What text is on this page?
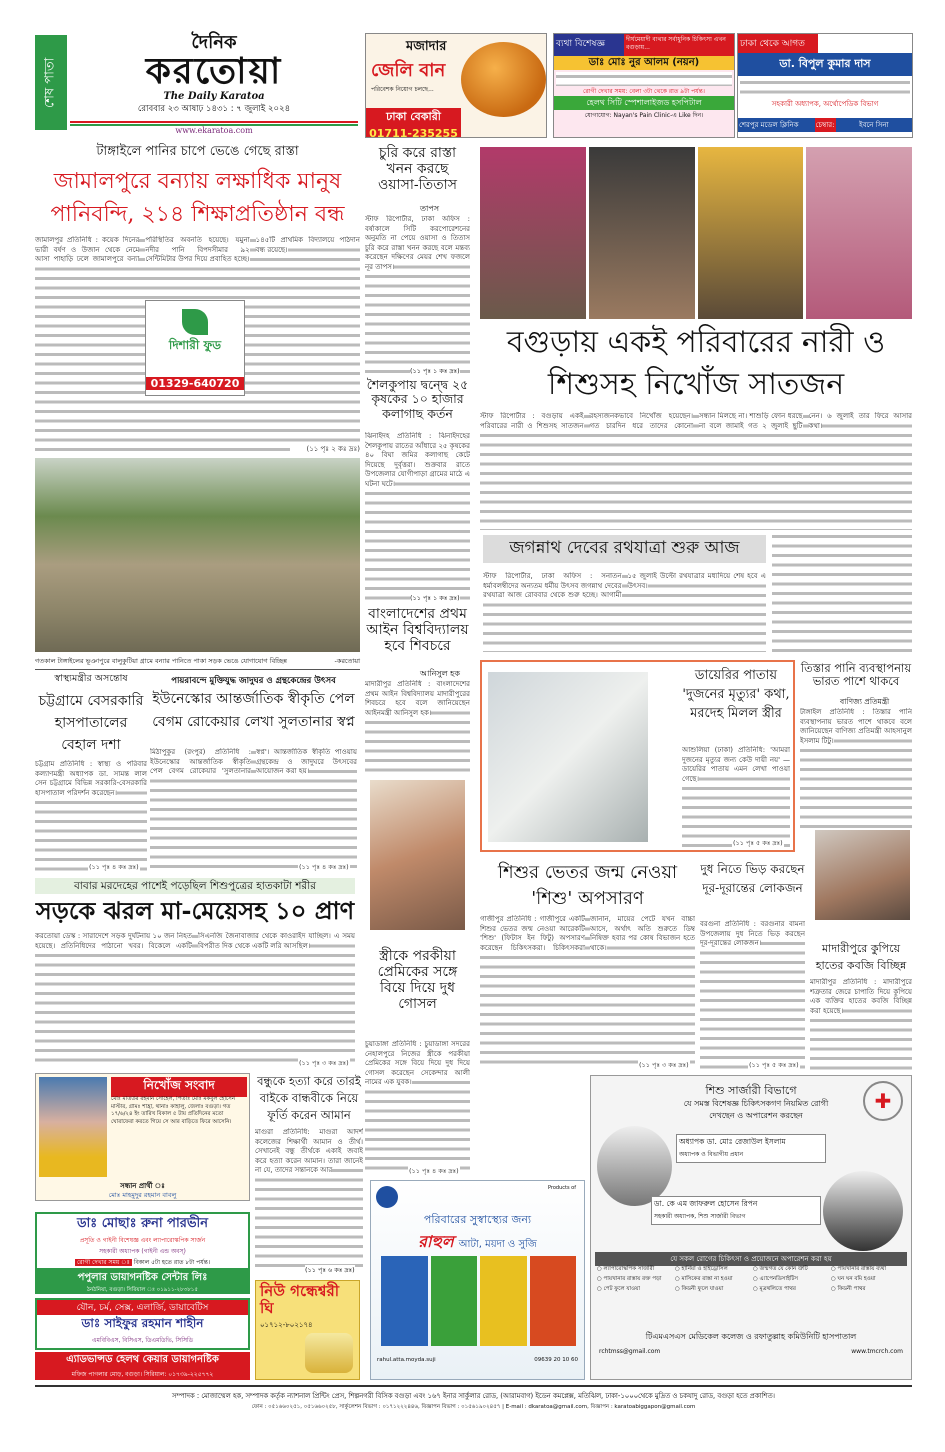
শেষ পাতা
দৈনিক
করতোয়া
The Daily Karatoa
রোববার ২৩ আষাঢ় ১৪৩১ : ৭ জুলাই ২০২৪
www.ekaratoa.com
মজাদার
জেলি বান
পরিবেশক নিয়োগ চলছে...
ঢাকা বেকারী
01711-235255
ব্যথা বিশেষজ্ঞ	দীর্ঘমেয়াদী ব্যথার সর্বাধুনিক চিকিৎসা এখন বগুড়ায়...
ডাঃ মোঃ নুর আলম (নয়ন)
রোগী দেখার সময়: বেলা ৩টা থেকে রাত ৯টা পর্যন্ত।
হেলথ সিটি স্পেশালাইজড হসপিটাল
যোগাযোগ: Nayan's Pain Clinic-এ Like দিন।
ঢাকা থেকে আগত
ডা. বিপুল কুমার দাস
সহকারী অধ্যাপক, অর্থোপেডিক বিভাগ
শেরপুর মডেল ক্লিনিক	চেম্বার:	ইবনে সিনা
টাঙ্গাইলে পানির চাপে ভেঙে গেছে রাস্তা
জামালপুরে বন্যায় লক্ষাধিক মানুষ পানিবন্দি, ২১৪ শিক্ষাপ্রতিষ্ঠান বন্ধ
জামালপুর প্রতিনিধি : কয়েক দিনের ভারী বর্ষণ ও উজান থেকে নেমে আসা পাহাড়ি ঢলে জামালপুরে বন্যা পরিস্থিতির অবনতি হয়েছে। যমুনা নদীর পানি বিপদসীমার ৯২ সেন্টিমিটার উপর দিয়ে প্রবাহিত হচ্ছে। ১৪৫টি প্রাথমিক বিদ্যালয়ে পাঠদান বন্ধ রয়েছে।
দিশারী ফুড
01329-640720
(১১ পৃঃ ২ কঃ দ্রঃ)
গতকাল টাঙ্গাইলের ভূঞাপুরে বালুকুটিয়া গ্রামে বন্যার পানিতে পাকা সড়ক ভেঙে যোগাযোগ বিচ্ছিন্ন	-করতোয়া
চুরি করে রাস্তা খনন করছে ওয়াসা-তিতাস
তাপস
স্টাফ রিপোর্টার, ঢাকা অফিস : বর্ষাকালে সিটি করপোরেশনের অনুমতি না পেয়ে ওয়াসা ও তিতাস চুরি করে রাস্তা খনন করছে বলে মন্তব্য করেছেন দক্ষিণের মেয়র শেখ ফজলে নূর তাপস।
(১১ পৃঃ ১ কঃ দ্রঃ)
শৈলকুপায় দ্বন্দ্বে ২৫ কৃষকের ১০ হাজার কলাগাছ কর্তন
ঝিনাইদহ প্রতিনিধি : ঝিনাইদহের শৈলকুপায় রাতের আঁধারে ২৫ কৃষকের ৪০ বিঘা জমির কলাগাছ কেটে দিয়েছে দুর্বৃত্তরা। শুক্রবার রাতে উপজেলার যোগীপাড়া গ্রামের মাঠে এ ঘটনা ঘটে।
(১১ পৃঃ ১ কঃ দ্রঃ)
বাংলাদেশের প্রথম আইন বিশ্ববিদ্যালয় হবে শিবচরে
আনিসুল হক
মাদারীপুর প্রতিনিধি : বাংলাদেশের প্রথম আইন বিশ্ববিদ্যালয় মাদারীপুরের শিবচরে হবে বলে জানিয়েছেন আইনমন্ত্রী আনিসুল হক।
স্ত্রীকে পরকীয়া প্রেমিকের সঙ্গে বিয়ে দিয়ে দুধ গোসল
চুয়াডাঙ্গা প্রতিনিধি : চুয়াডাঙ্গা সদরের নেহালপুরে নিজের স্ত্রীকে পরকীয়া প্রেমিকের সঙ্গে বিয়ে দিয়ে দুধ দিয়ে গোসল করেছেন সেকেন্দার আলী নামের এক যুবক।
(১১ পৃঃ ৪ কঃ দ্রঃ)
বগুড়ায় একই পরিবারের নারী ও শিশুসহ নিখোঁজ সাতজন
স্টাফ রিপোর্টার : বগুড়ায় একই পরিবারের নারী ও শিশুসহ সাতজন রহস্যজনকভাবে নিখোঁজ হয়েছেন। গত চারদিন ধরে তাদের কোনো সন্ধান মিলছে না। শাশুড়ি ফোন ধরছে না বলে জামাই গত ২ জুলাই ছুটি নেন। ৬ জুলাই তার ফিরে আসার কথা।
জগন্নাথ দেবের রথযাত্রা শুরু আজ
স্টাফ রিপোর্টার, ঢাকা অফিস : সনাতন ধর্মাবলম্বীদের অন্যতম ধর্মীয় উৎসব জগন্নাথ দেবের রথযাত্রা আজ রোববার থেকে শুরু হচ্ছে। আগামী ১৫ জুলাই উল্টো রথযাত্রার মধ্যদিয়ে শেষ হবে এ উৎসব।
স্বাস্থ্যমন্ত্রীর অসন্তোষ
চট্টগ্রামে বেসরকারি হাসপাতালের বেহাল দশা
চট্টগ্রাম প্রতিনিধি : স্বাস্থ্য ও পরিবার কল্যাণমন্ত্রী অধ্যাপক ডা. সামন্ত লাল সেন চট্টগ্রামে বিভিন্ন সরকারি-বেসরকারি হাসপাতাল পরিদর্শন করেছেন।
(১১ পৃঃ ৪ কঃ দ্রঃ)
পায়রাবন্দে মুক্তিযুদ্ধ জাদুঘর ও গ্রন্থকেন্দ্রের উৎসব
ইউনেস্কোর আন্তর্জাতিক স্বীকৃতি পেল বেগম রোকেয়ার লেখা সুলতানার স্বপ্ন
মিঠাপুকুর (রংপুর) প্রতিনিধি : ইউনেস্কোর আন্তর্জাতিক স্বীকৃতি পেল বেগম রোকেয়ার 'সুলতানার স্বপ্ন'। আন্তর্জাতিক স্বীকৃতি পাওয়ায় গ্রন্থকেন্দ্র ও জাদুঘরে উৎসবের আয়োজন করা হয়।
(১১ পৃঃ ৪ কঃ দ্রঃ)
বাবার মরদেহের পাশেই পড়েছিল শিশুপুত্রের হাতকাটা শরীর
সড়কে ঝরল মা-মেয়েসহ ১০ প্রাণ
করতোয়া ডেস্ক : সারাদেশে সড়ক দুর্ঘটনায় ১০ জন নিহত হয়েছে। প্রতিনিধিদের পাঠানো খবর। বিকেলে একটি সিএনজি জৈনাবাজার থেকে কাওরাইদ যাচ্ছিল। এ সময় বিপরীত দিক থেকে একটি লরি আসছিল।
(১১ পৃঃ ৩ কঃ দ্রঃ)
ডায়েরির পাতায় 'দুজনের মৃত্যুর' কথা, মরদেহ মিলল স্ত্রীর
আশুলিয়া (ঢাকা) প্রতিনিধি: 'আমরা দুজনের মৃত্যুর জন্য কেউ দায়ী নয়' — ডায়েরির পাতায় এমন লেখা পাওয়া গেছে।
(১১ পৃঃ ৫ কঃ দ্রঃ)
তিস্তার পানি ব্যবস্থাপনায় ভারত পাশে থাকবে
বাণিজ্য প্রতিমন্ত্রী
টাঙ্গাইল প্রতিনিধি : তিস্তার পানি ব্যবস্থাপনায় ভারত পাশে থাকবে বলে জানিয়েছেন বাণিজ্য প্রতিমন্ত্রী আহসানুল ইসলাম টিটু।
শিশুর ভেতর জন্ম নেওয়া 'শিশু' অপসারণ
গাজীপুর প্রতিনিধি : গাজীপুরে একটি শিশুর ভেতর জন্ম নেওয়া আরেকটি 'শিশু' (ফিটাস ইন ফিটু) অপসারণ করেছেন চিকিৎসকরা। চিকিৎসকরা জানান, মায়ের পেটে যখন বাচ্চা আসে, অর্থাৎ অতি শুরুতে ডিম্ব নিষিক্ত হবার পর কোষ বিভাজন হতে থাকে।
(১১ পৃঃ ৩ কঃ দ্রঃ)
দুধ নিতে ভিড় করছেন দূর-দূরান্তের লোকজন
বরগুনা প্রতিনিধি : বরগুনার বামনা উপজেলায় দুধ নিতে ভিড় করছেন দূর-দূরান্তের লোকজন।
(১১ পৃঃ ৫ কঃ দ্রঃ)
মাদারীপুরে কুপিয়ে হাতের কবজি বিচ্ছিন্ন
মাদারীপুর প্রতিনিধি : মাদারীপুরে শত্রুতার জেরে চাপাতি দিয়ে কুপিয়ে এক ব্যক্তির হাতের কবজি বিচ্ছিন্ন করা হয়েছে।
নিখোঁজ সংবাদ
মোঃ মতিউর রহমান সোহেল, পিতাঃ মোঃ মকবুল হোসেন মাস্টার, গ্রামঃ শাহ্রা, থানাঃ কাহালু, জেলাঃ বগুড়া। গত ১৭/৬/২৪ ইং তারিখ বিকাল ৫ টায় প্রতিদিনের মতো ঘোরাফেরা করতে গিয়ে সে আর বাড়িতে ফিরে আসেনি।
সন্ধান প্রার্থী ঃ
মোঃ মাহমুদুর রহমান বাবলু
ডাঃ মোছাঃ রুনা পারভীন
প্রসূতি ও গাইনী বিশেষজ্ঞ এবং ল্যাপারোস্কপিক সার্জন
সহকারী অধ্যাপক (গাইনী এন্ড অবস্)
রোগী দেখার সময় ঃ বিকাল ৫টা হতে রাত ৮টা পর্যন্ত।
পপুলার ডায়াগনষ্টিক সেন্টার লিঃ
ঠনঠনিয়া, বগুড়া। সিরিয়াল ঃ ০১৯১১-২৮৩৮১৫
যৌন, চর্ম, সেক্স, এলার্জি, ডায়াবেটিস
ডাঃ সাইফুর রহমান শাহীন
এমবিবিএস, বিসিএস, ডিএমডিভি, সিসিডি
এ্যাডভান্সড হেলথ কেয়ার ডায়াগনষ্টিক
মফিজ পাগলার মোড়, বগুড়া। সিরিয়াল: ০১৭৩৯-২২৫৭৭২
বন্ধুকে হত্যা করে তারই বাইকে বান্ধবীকে নিয়ে ফূর্তি করেন আমান
মাগুরা প্রতিনিধি: মাগুরা আদর্শ কলেজের শিক্ষার্থী আমান ও তীর্থ। সেখানেই বন্ধু তীর্থকে একাই জবাই করে হত্যা করেন আমান। তারা জানেই না যে, তাদের সন্তানকে আর
(১১ পৃঃ ৬ কঃ দ্রঃ)
নিউ গন্ধেশ্বরী ঘি
০১৭১২-৮০২১৭৪
Products of
পরিবারের সুস্বাস্থ্যের জন্য
রাহুল আটা, ময়দা ও সুজি
rahul.atta.moyda.suji	09639 20 10 60
শিশু সার্জারী বিভাগে
যে সমস্ত বিশেষজ্ঞ চিকিৎসকগণ নিয়মিত রোগী দেখছেন ও অপারেশন করছেন
✚
অধ্যাপক ডা. মোঃ রেজাউল ইসলাম
অধ্যাপক ও বিভাগীয় প্রধান
ডা. কে এম জাফরুল হোসেন রিপন
সহকারী অধ্যাপক, শিশু সার্জারী বিভাগ
যে সকল রোগের চিকিৎসা ও প্রয়োজনে অপারেশন করা হয়
○ ল্যাপারোস্কপিক সার্জারী	○ হার্নিয়া ও হাইড্রোসিল	○ জন্মগত যে কোন ত্রুটি	○ পায়খানার রাস্তায় ব্যথা
○ পায়খানার রাস্তায় রক্ত পড়া	○ মাসিকের রাস্তা না হওয়া	○ এ্যাপেনডিসাইটিস	○ ঘন ঘন বমি হওয়া
○ পেট ফুলে যাওয়া	○ কিডনী ফুলে যাওয়া	○ মূত্রথলিতে পাথর	○ কিডনী পাথর
টিএমএসএস মেডিকেল কলেজ ও রফাতুল্লাহ কমিউনিটি হাসপাতাল
rchtmss@gmail.com	www.tmcrch.com
সম্পাদক : মোজাম্মেল হক, সম্পাদক কর্তৃক ন্যাশনাল প্রিন্টিং প্রেস, শিল্পনগরী বিসিক বগুড়া এবং ১৬৭ ইনার সার্কুলার রোড, (আরামবাগ) ইডেন কমপ্লেক্স, মতিঝিল, ঢাকা-১০০০থেকে মুদ্রিত ও চকযাদু রোড, বগুড়া হতে প্রকাশিত।
ফোন : ০৫১৬৬০২৫১, ০৫১৬৬০২৫৮, সার্কুলেশন বিভাগ : ০১৭১২২২৪৪৬, বিজ্ঞাপন বিভাগ : ০১৫৬১৯০২৪৫৭ | E-mail : dkaratoa@gmail.com, বিজ্ঞাপন : karatoabiggapon@gmail.com
